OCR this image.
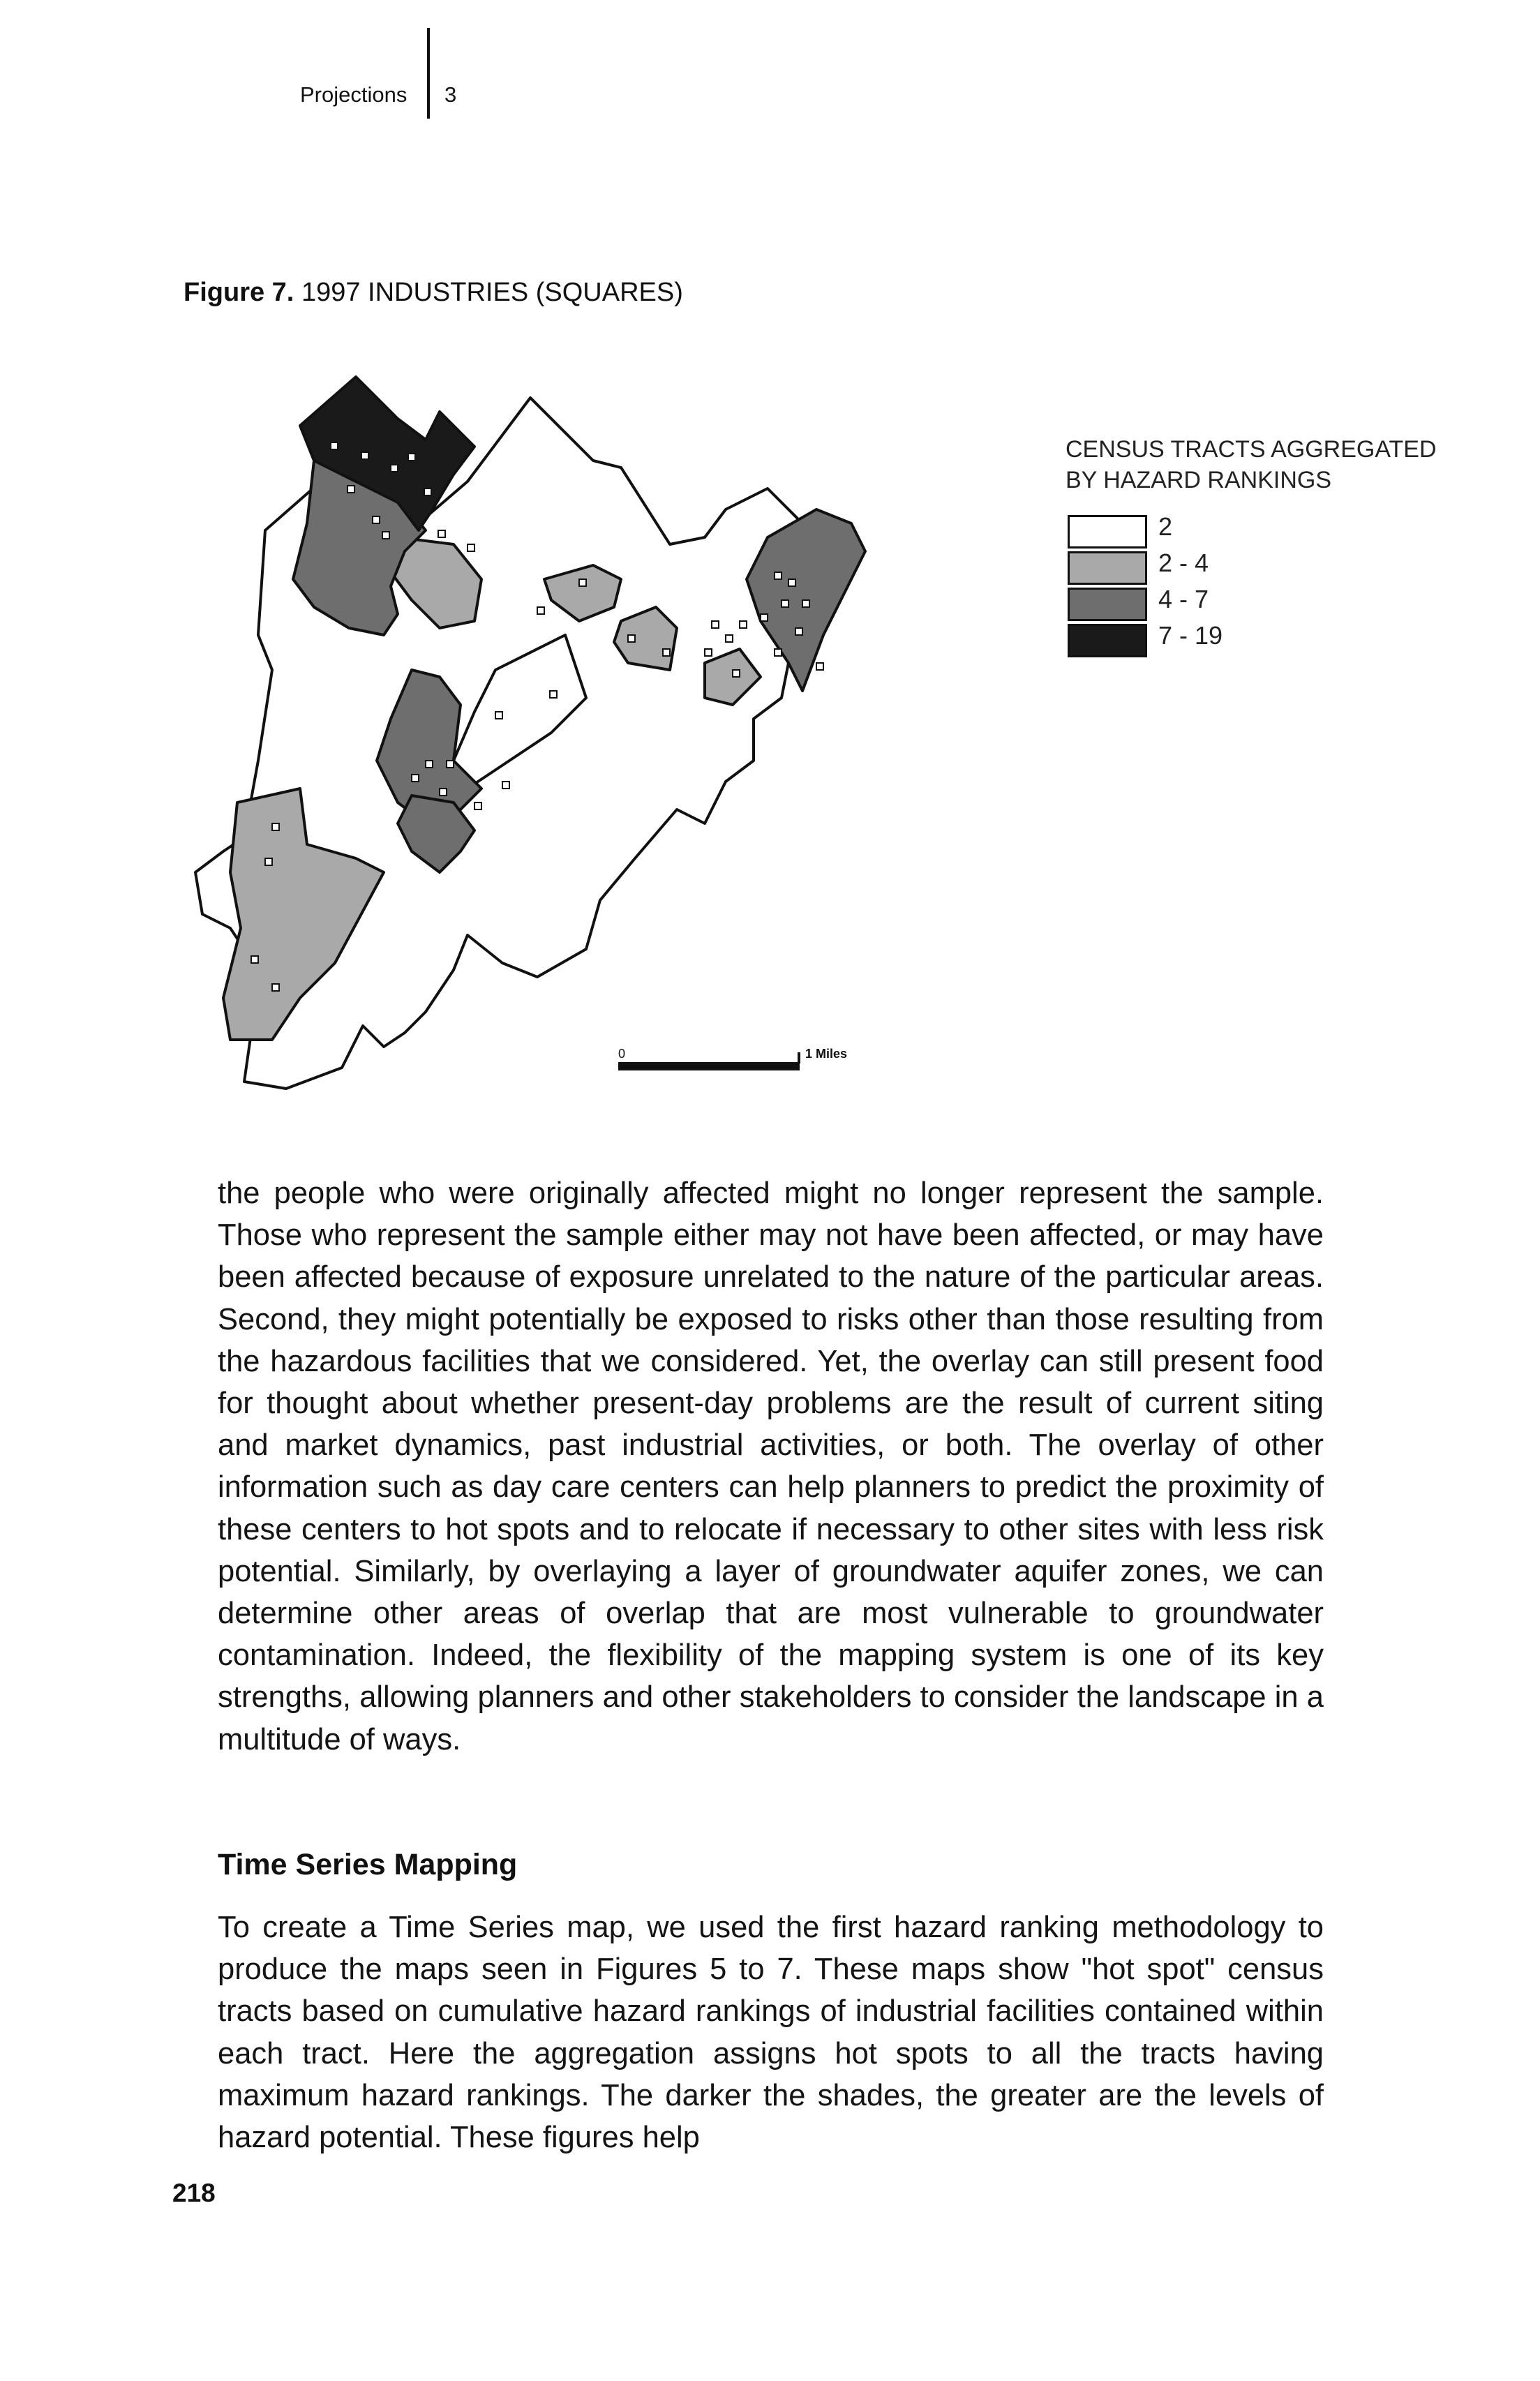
Projections 3
Figure 7. 1997 INDUSTRIES (SQUARES)
0	1 Miles
CENSUS TRACTS AGGREGATED
BY HAZARD RANKINGS
2
2 - 4
4 - 7
7 - 19
the people who were originally affected might no longer represent the sample. Those who represent the sample either may not have been affected, or may have been affected because of exposure unrelated to the nature of the particular areas. Second, they might potentially be exposed to risks other than those resulting from the hazardous facilities that we considered. Yet, the overlay can still present food for thought about whether present-day problems are the result of current siting and market dynamics, past industrial activities, or both. The overlay of other information such as day care centers can help planners to predict the proximity of these centers to hot spots and to relocate if necessary to other sites with less risk potential. Similarly, by overlaying a layer of groundwater aquifer zones, we can determine other areas of overlap that are most vulnerable to groundwater contamination. Indeed, the flexibility of the mapping system is one of its key strengths, allowing planners and other stakeholders to consider the landscape in a multitude of ways.
Time Series Mapping
To create a Time Series map, we used the first hazard ranking methodology to produce the maps seen in Figures 5 to 7. These maps show "hot spot" census tracts based on cumulative hazard rankings of industrial facilities contained within each tract. Here the aggregation assigns hot spots to all the tracts having maximum hazard rankings. The darker the shades, the greater are the levels of hazard potential. These figures help
218
